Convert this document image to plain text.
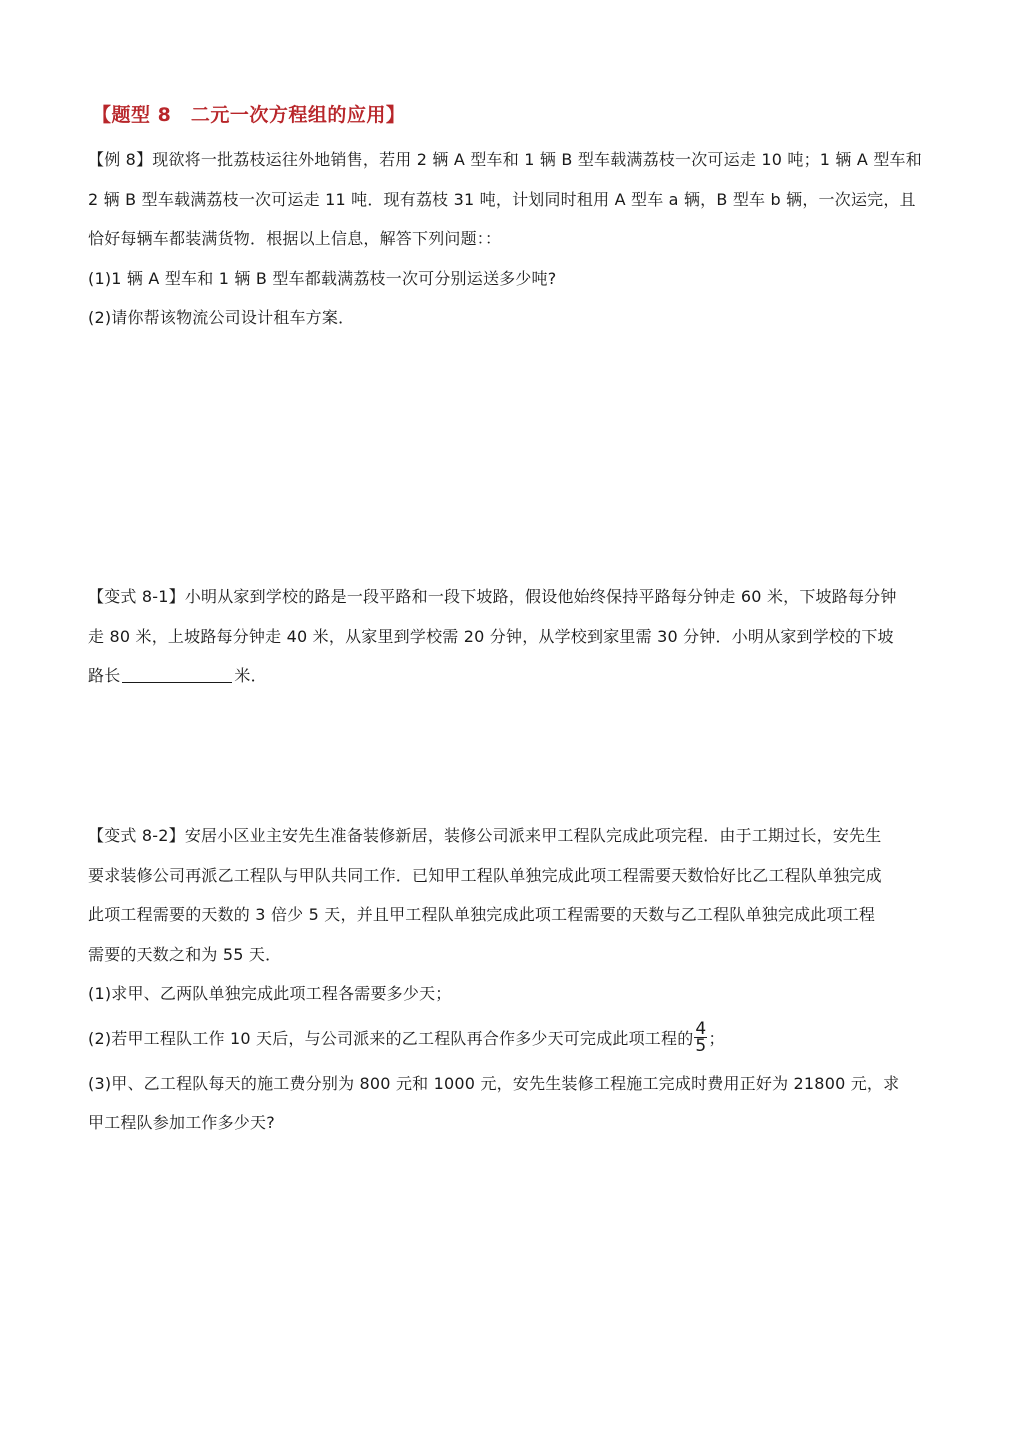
【题型 8　二元一次方程组的应用】
【例 8】现欲将一批荔枝运往外地销售，若用 2 辆 A 型车和 1 辆 B 型车载满荔枝一次可运走 10 吨；1 辆 A 型车和
2 辆 B 型车载满荔枝一次可运走 11 吨．现有荔枝 31 吨，计划同时租用 A 型车 a 辆，B 型车 b 辆，一次运完，且
恰好每辆车都装满货物．根据以上信息，解答下列问题：：
(1)1 辆 A 型车和 1 辆 B 型车都载满荔枝一次可分别运送多少吨?
(2)请你帮该物流公司设计租车方案．
【变式 8-1】小明从家到学校的路是一段平路和一段下坡路，假设他始终保持平路每分钟走 60 米，下坡路每分钟
走 80 米，上坡路每分钟走 40 米，从家里到学校需 20 分钟，从学校到家里需 30 分钟．小明从家到学校的下坡
路长	米．
【变式 8-2】安居小区业主安先生准备装修新居，装修公司派来甲工程队完成此项完程．由于工期过长，安先生
要求装修公司再派乙工程队与甲队共同工作．已知甲工程队单独完成此项工程需要天数恰好比乙工程队单独完成
此项工程需要的天数的 3 倍少 5 天，并且甲工程队单独完成此项工程需要的天数与乙工程队单独完成此项工程
需要的天数之和为 55 天．
(1)求甲、乙两队单独完成此项工程各需要多少天；
(2)若甲工程队工作 10 天后，与公司派来的乙工程队再合作多少天可完成此项工程的 $\frac{4}{5}$ ；
(3)甲、乙工程队每天的施工费分别为 800 元和 1000 元，安先生装修工程施工完成时费用正好为 21800 元，求
甲工程队参加工作多少天?
